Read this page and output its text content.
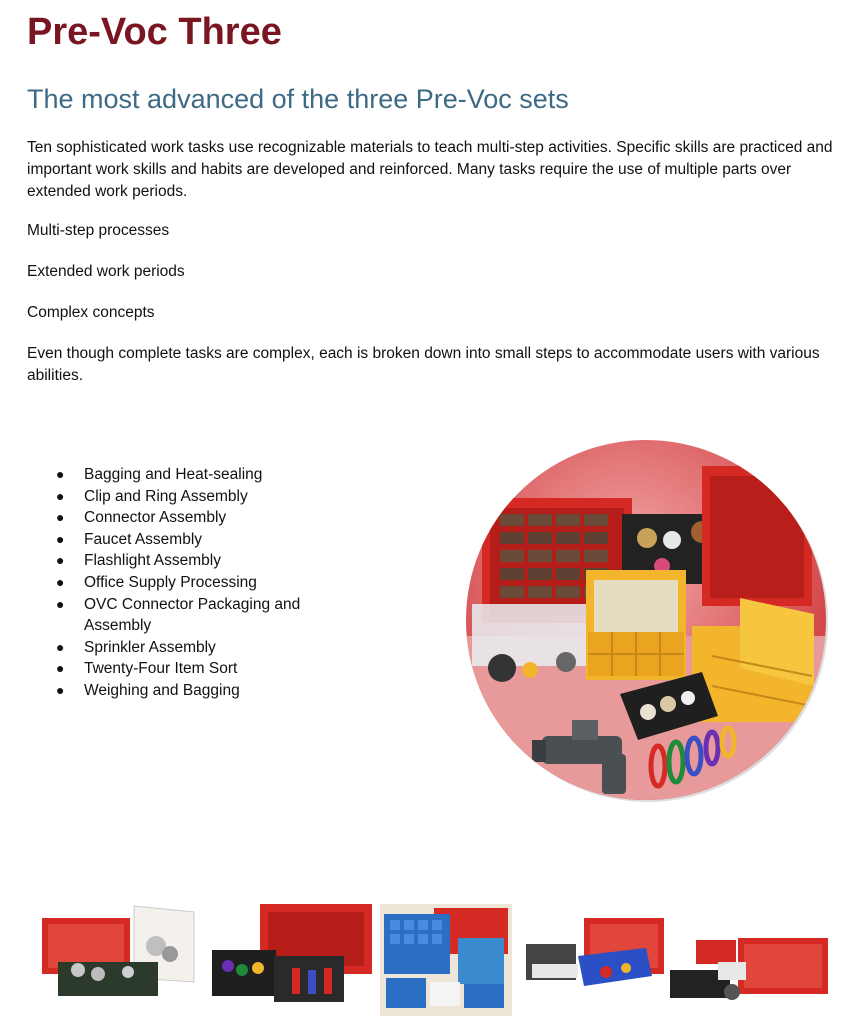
Pre-Voc Three
The most advanced of the three Pre-Voc sets

Ten sophisticated work tasks use recognizable materials to teach multi-step activities. Specific skills are practiced and important work skills and habits are developed and reinforced. Many tasks require the use of multiple parts over extended work periods.

Multi-step processes

Extended work periods

Complex concepts

Even though complete tasks are complex, each is broken down into small steps to accommodate users with various abilities.

● Bagging and Heat-sealing
● Clip and Ring Assembly
● Connector Assembly
● Faucet Assembly
● Flashlight Assembly
● Office Supply Processing
● OVC Connector Packaging and Assembly
● Sprinkler Assembly
● Twenty-Four Item Sort
● Weighing and Bagging
